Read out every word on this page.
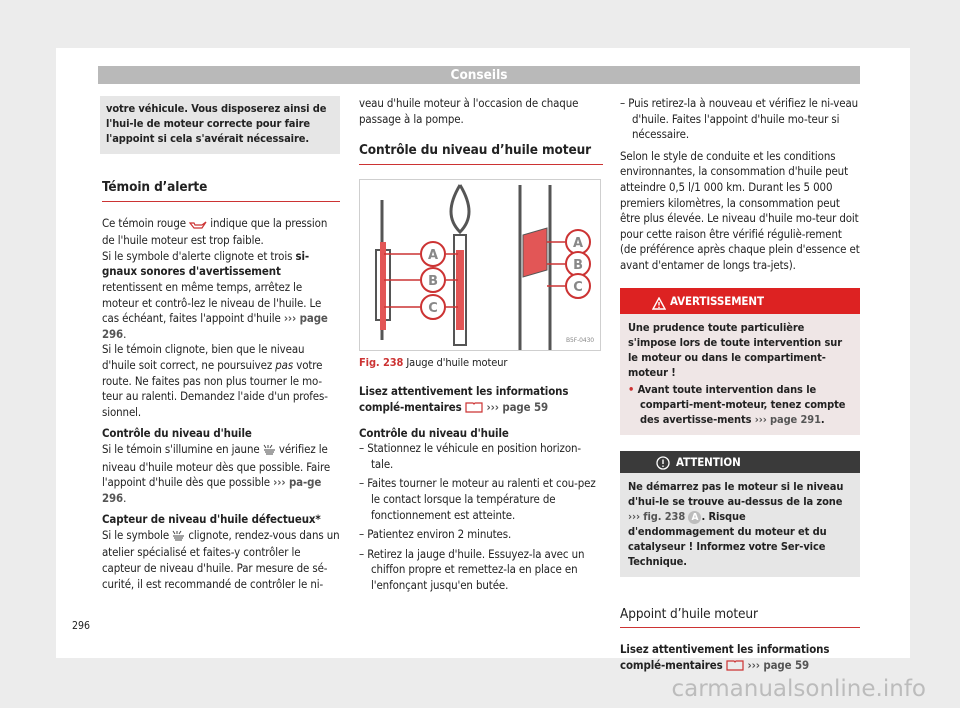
Conseils
votre véhicule. Vous disposerez ainsi de l'hui-le de moteur correcte pour faire l'appoint si cela s'avérait nécessaire.
Témoin d’alerte

Ce témoin rouge indique que la pression de l'huile moteur est trop faible.

Si le symbole d'alerte clignote et trois si-gnaux sonores d'avertissement retentissent en même temps, arrêtez le moteur et contrô-lez le niveau de l'huile. Le cas échéant, faites l'appoint d'huile ››› page 296.

Si le témoin clignote, bien que le niveau d'huile soit correct, ne poursuivez pas votre route. Ne faites pas non plus tourner le mo-teur au ralenti. Demandez l'aide d'un profes-sionnel.

Contrôle du niveau d'huile

Si le témoin s'illumine en jaune vérifiez le niveau d'huile moteur dès que possible. Faire l'appoint d'huile dès que possible ››› pa-ge 296.

Capteur de niveau d'huile défectueux*

Si le symbole clignote, rendez-vous dans un atelier spécialisé et faites-y contrôler le capteur de niveau d'huile. Par mesure de sé-curité, il est recommandé de contrôler le ni-

296

veau d'huile moteur à l'occasion de chaque passage à la pompe.

Contrôle du niveau d’huile moteur
A
B
C
A
B
C
B5F-0430

Fig. 238 Jauge d'huile moteur

Lisez attentivement les informations complé-mentaires ››› page 59

Contrôle du niveau d'huile

– Stationnez le véhicule en position horizon-tale.

– Faites tourner le moteur au ralenti et cou-pez le contact lorsque la température de fonctionnement est atteinte.

– Patientez environ 2 minutes.

– Retirez la jauge d'huile. Essuyez-la avec un chiffon propre et remettez-la en place en l'enfonçant jusqu'en butée.

– Puis retirez-la à nouveau et vérifiez le ni-veau d'huile. Faites l'appoint d'huile mo-teur si nécessaire.

Selon le style de conduite et les conditions environnantes, la consommation d'huile peut atteindre 0,5 l/1 000 km. Durant les 5 000 premiers kilomètres, la consommation peut être plus élevée. Le niveau d'huile mo-teur doit pour cette raison être vérifié réguliè-rement (de préférence après chaque plein d'essence et avant d'entamer de longs tra-jets).

AVERTISSEMENT

Une prudence toute particulière s'impose lors de toute intervention sur le moteur ou dans le compartiment-moteur !

• Avant toute intervention dans le comparti-ment-moteur, tenez compte des avertisse-ments ››› page 291.

ATTENTION
Ne démarrez pas le moteur si le niveau d'hui-le se trouve au-dessus de la zone ››› fig. 238 A . Risque d'endommagement du moteur et du catalyseur ! Informez votre Ser-vice Technique.
Appoint d’huile moteur

Lisez attentivement les informations complé-mentaires ››› page 59

carmanualsonline.info
